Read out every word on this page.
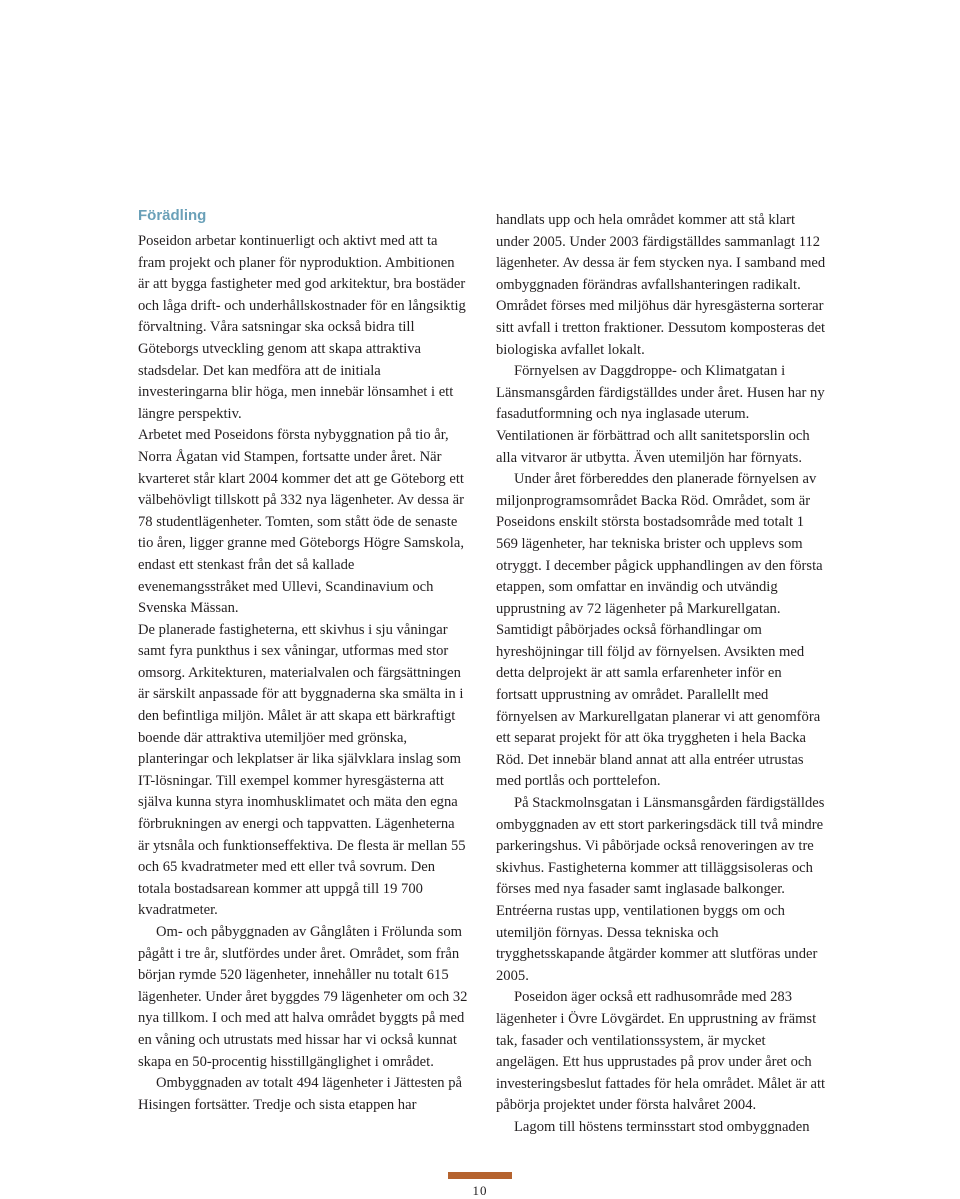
Förädling

Poseidon arbetar kontinuerligt och aktivt med att ta fram projekt och planer för nyproduktion. Ambitionen är att bygga fastigheter med god arkitektur, bra bostäder och låga drift- och underhållskostnader för en långsiktig förvaltning. Våra satsningar ska också bidra till Göteborgs utveckling genom att skapa attraktiva stadsdelar. Det kan medföra att de initiala investeringarna blir höga, men innebär lönsamhet i ett längre perspektiv.

Arbetet med Poseidons första nybyggnation på tio år, Norra Ågatan vid Stampen, fortsatte under året. När kvarteret står klart 2004 kommer det att ge Göteborg ett välbehövligt tillskott på 332 nya lägenheter. Av dessa är 78 studentlägenheter. Tomten, som stått öde de senaste tio åren, ligger granne med Göteborgs Högre Samskola, endast ett stenkast från det så kallade evenemangsstråket med Ullevi, Scandinavium och Svenska Mässan.

De planerade fastigheterna, ett skivhus i sju våningar samt fyra punkthus i sex våningar, utformas med stor omsorg. Arkitekturen, materialvalen och färgsättningen är särskilt anpassade för att byggnaderna ska smälta in i den befintliga miljön. Målet är att skapa ett bärkraftigt boende där attraktiva utemiljöer med grönska, planteringar och lekplatser är lika självklara inslag som IT-lösningar. Till exempel kommer hyresgästerna att själva kunna styra inomhusklimatet och mäta den egna förbrukningen av energi och tappvatten. Lägenheterna är ytsnåla och funktionseffektiva. De flesta är mellan 55 och 65 kvadratmeter med ett eller två sovrum. Den totala bostadsarean kommer att uppgå till 19 700 kvadratmeter.

Om- och påbyggnaden av Gånglåten i Frölunda som pågått i tre år, slutfördes under året. Området, som från början rymde 520 lägenheter, innehåller nu totalt 615 lägenheter. Under året byggdes 79 lägenheter om och 32 nya tillkom. I och med att halva området byggts på med en våning och utrustats med hissar har vi också kunnat skapa en 50-procentig hisstillgänglighet i området.

Ombyggnaden av totalt 494 lägenheter i Jättesten på Hisingen fortsätter. Tredje och sista etappen har

handlats upp och hela området kommer att stå klart under 2005. Under 2003 färdigställdes sammanlagt 112 lägenheter. Av dessa är fem stycken nya. I samband med ombyggnaden förändras avfallshanteringen radikalt. Området förses med miljöhus där hyresgästerna sorterar sitt avfall i tretton fraktioner. Dessutom komposteras det biologiska avfallet lokalt.

Förnyelsen av Daggdroppe- och Klimatgatan i Länsmansgården färdigställdes under året. Husen har ny fasadutformning och nya inglasade uterum. Ventilationen är förbättrad och allt sanitetsporslin och alla vitvaror är utbytta. Även utemiljön har förnyats.

Under året förbereddes den planerade förnyelsen av miljonprogramsområdet Backa Röd. Området, som är Poseidons enskilt största bostadsområde med totalt 1 569 lägenheter, har tekniska brister och upplevs som otryggt. I december pågick upphandlingen av den första etappen, som omfattar en invändig och utvändig upprustning av 72 lägenheter på Markurellgatan. Samtidigt påbörjades också förhandlingar om hyreshöjningar till följd av förnyelsen. Avsikten med detta delprojekt är att samla erfarenheter inför en fortsatt upprustning av området. Parallellt med förnyelsen av Markurellgatan planerar vi att genomföra ett separat projekt för att öka tryggheten i hela Backa Röd. Det innebär bland annat att alla entréer utrustas med portlås och porttelefon.

På Stackmolnsgatan i Länsmansgården färdigställdes ombyggnaden av ett stort parkeringsdäck till två mindre parkeringshus. Vi påbörjade också renoveringen av tre skivhus. Fastigheterna kommer att tilläggsisoleras och förses med nya fasader samt inglasade balkonger. Entréerna rustas upp, ventilationen byggs om och utemiljön förnyas. Dessa tekniska och trygghetsskapande åtgärder kommer att slutföras under 2005.

Poseidon äger också ett radhusområde med 283 lägenheter i Övre Lövgärdet. En upprustning av främst tak, fasader och ventilationssystem, är mycket angelägen. Ett hus upprustades på prov under året och investeringsbeslut fattades för hela området. Målet är att påbörja projektet under första halvåret 2004.

Lagom till höstens terminsstart stod ombyggnaden

10
